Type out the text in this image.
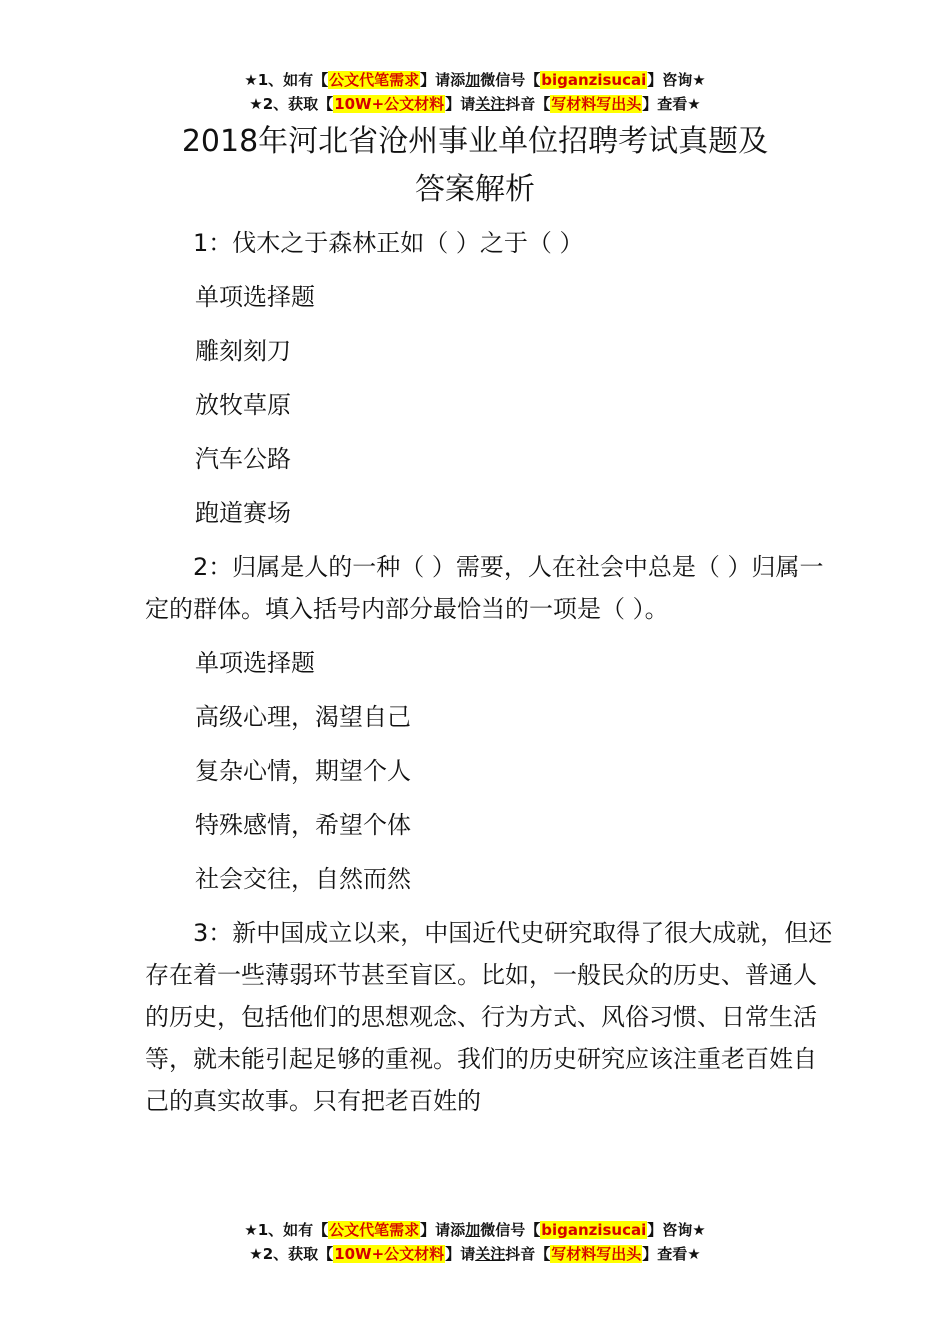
★1、如有【公文代笔需求】请添加微信号【biganzisucai】咨询★
★2、获取【10W+公文材料】请关注抖音【写材料写出头】查看★
2018年河北省沧州事业单位招聘考试真题及
答案解析

1：伐木之于森林正如（ ）之于（ ）

单项选择题

雕刻刻刀

放牧草原

汽车公路

跑道赛场

2：归属是人的一种（ ）需要，人在社会中总是（ ）归属一定的群体。填入括号内部分最恰当的一项是（ ）。

单项选择题

高级心理，渴望自己

复杂心情，期望个人

特殊感情，希望个体

社会交往，自然而然

3：新中国成立以来，中国近代史研究取得了很大成就，但还存在着一些薄弱环节甚至盲区。比如，一般民众的历史、普通人的历史，包括他们的思想观念、行为方式、风俗习惯、日常生活等，就未能引起足够的重视。我们的历史研究应该注重老百姓自己的真实故事。只有把老百姓的

★1、如有【公文代笔需求】请添加微信号【biganzisucai】咨询★
★2、获取【10W+公文材料】请关注抖音【写材料写出头】查看★
